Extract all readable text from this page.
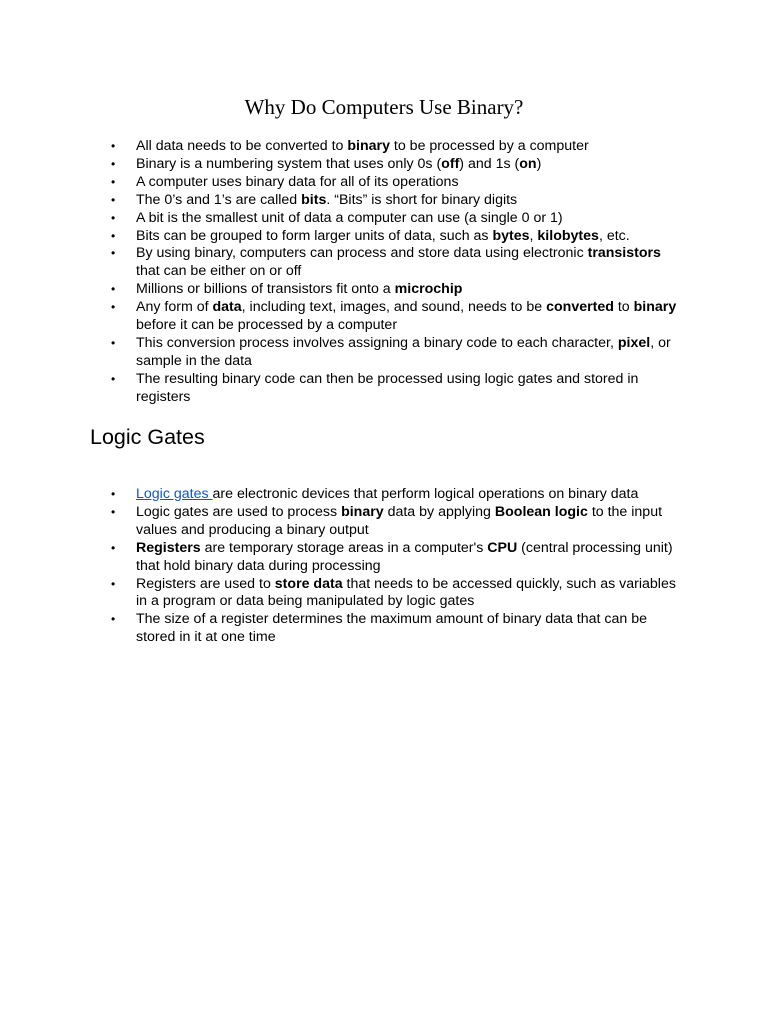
Why Do Computers Use Binary?
• All data needs to be converted to binary to be processed by a computer
• Binary is a numbering system that uses only 0s (off) and 1s (on)
• A computer uses binary data for all of its operations
• The 0’s and 1’s are called bits. “Bits” is short for binary digits
• A bit is the smallest unit of data a computer can use (a single 0 or 1)
• Bits can be grouped to form larger units of data, such as bytes, kilobytes, etc.
• By using binary, computers can process and store data using electronic transistors that can be either on or off
• Millions or billions of transistors fit onto a microchip
• Any form of data, including text, images, and sound, needs to be converted to binary before it can be processed by a computer
• This conversion process involves assigning a binary code to each character, pixel, or sample in the data
• The resulting binary code can then be processed using logic gates and stored in registers
Logic Gates
• Logic gates are electronic devices that perform logical operations on binary data
• Logic gates are used to process binary data by applying Boolean logic to the input values and producing a binary output
• Registers are temporary storage areas in a computer's CPU (central processing unit) that hold binary data during processing
• Registers are used to store data that needs to be accessed quickly, such as variables in a program or data being manipulated by logic gates
• The size of a register determines the maximum amount of binary data that can be stored in it at one time
